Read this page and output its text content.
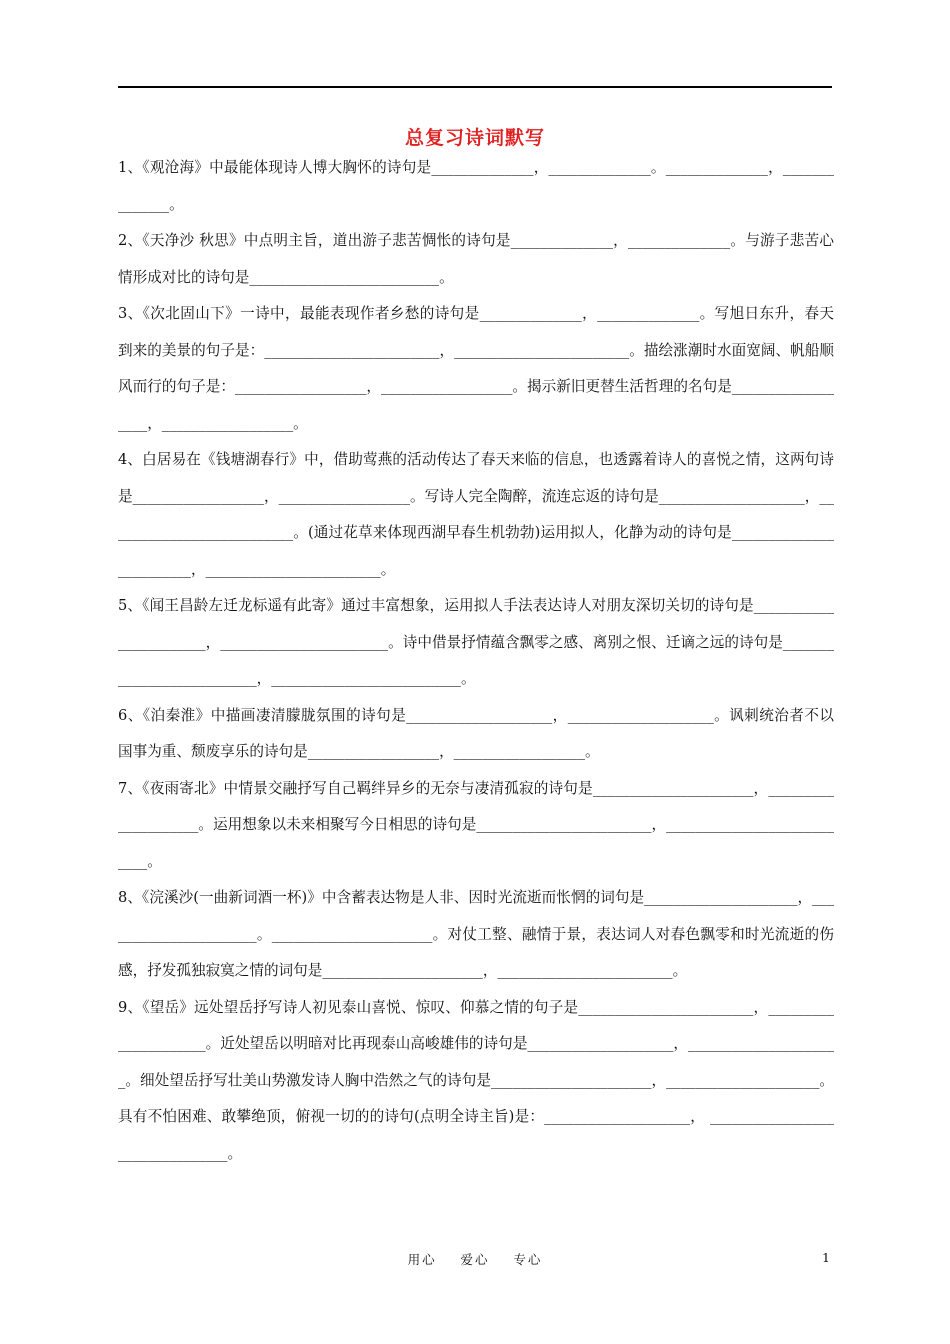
总复习诗词默写

1、《观沧海》中最能体现诗人博大胸怀的诗句是______________，______________。______________，______________。

2、《天净沙 秋思》中点明主旨，道出游子悲苦惆怅的诗句是______________，______________。与游子悲苦心情形成对比的诗句是__________________________。

3、《次北固山下》一诗中，最能表现作者乡愁的诗句是______________，______________。写旭日东升，春天到来的美景的句子是：________________________，________________________。描绘涨潮时水面宽阔、帆船顺风而行的句子是：__________________，__________________。揭示新旧更替生活哲理的名句是__________________，__________________。

4、白居易在《钱塘湖春行》中，借助莺燕的活动传达了春天来临的信息，也透露着诗人的喜悦之情，这两句诗是__________________，__________________。写诗人完全陶醉，流连忘返的诗句是____________________，__________________________。(通过花草来体现西湖早春生机勃勃)运用拟人，化静为动的诗句是________________________，________________________。

5、《闻王昌龄左迁龙标遥有此寄》通过丰富想象，运用拟人手法表达诗人对朋友深切关切的诗句是_______________________，_______________________。诗中借景抒情蕴含飘零之感、离别之恨、迁谪之远的诗句是__________________________，__________________________。

6、《泊秦淮》中描画凄清朦胧氛围的诗句是____________________，____________________。讽刺统治者不以国事为重、颓废享乐的诗句是__________________，__________________。

7、《夜雨寄北》中情景交融抒写自己羁绊异乡的无奈与凄清孤寂的诗句是______________________，____________________。运用想象以未来相聚写今日相思的诗句是________________________，___________________________。

8、《浣溪沙(一曲新词酒一杯)》中含蓄表达物是人非、因时光流逝而怅惘的词句是_____________________，______________________。______________________。对仗工整、融情于景，表达词人对春色飘零和时光流逝的伤感，抒发孤独寂寞之情的词句是______________________，________________________。

9、《望岳》远处望岳抒写诗人初见泰山喜悦、惊叹、仰慕之情的句子是________________________，_____________________。近处望岳以明暗对比再现泰山高峻雄伟的诗句是____________________，_____________________。细处望岳抒写壮美山势激发诗人胸中浩然之气的诗句是______________________，_____________________。具有不怕困难、敢攀绝顶，俯视一切的的诗句(点明全诗主旨)是：____________________， ________________________________。

用心    爱心    专心	1
